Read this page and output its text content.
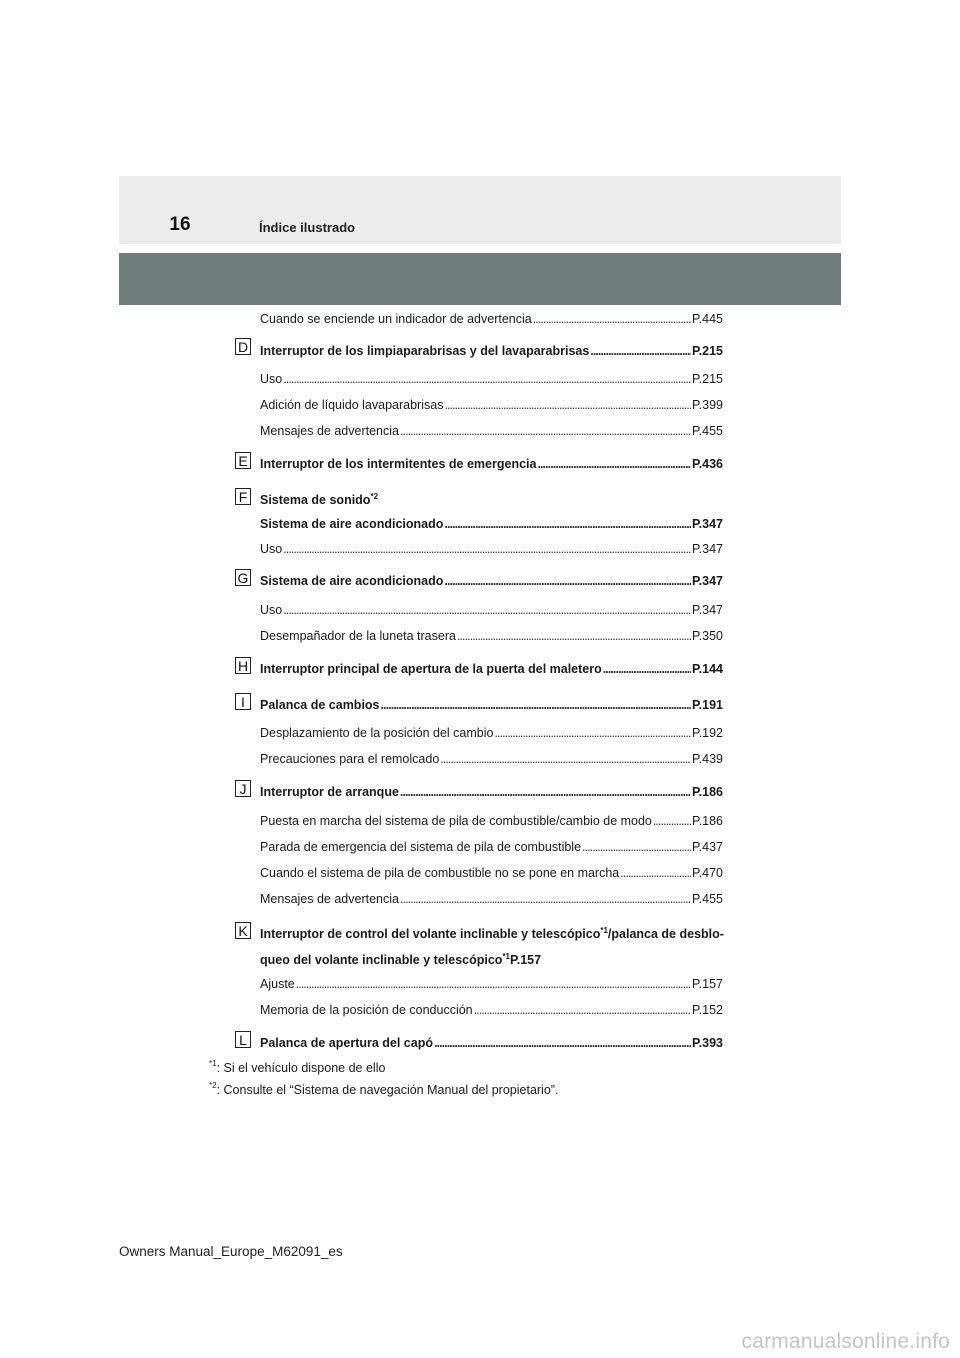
16	Índice ilustrado
Cuando se enciende un indicador de advertencia . . .	P.445
D Interruptor de los limpiaparabrisas y del lavaparabrisas . . .	P.215
Uso . . .	P.215
Adición de líquido lavaparabrisas . . .	P.399
Mensajes de advertencia . . .	P.455
E Interruptor de los intermitentes de emergencia . . .	P.436
F Sistema de sonido$^{*2}$
Sistema de aire acondicionado . . .	P.347
Uso . . .	P.347
G Sistema de aire acondicionado . . .	P.347
Uso . . .	P.347
Desempañador de la luneta trasera . . .	P.350
H Interruptor principal de apertura de la puerta del maletero . . .	P.144
I	Palanca de cambios . . .	P.191
Desplazamiento de la posición del cambio . . .	P.192
Precauciones para el remolcado . . .	P.439
J	Interruptor de arranque . . .	P.186
Puesta en marcha del sistema de pila de combustible/cambio de modo . . .	P.186
Parada de emergencia del sistema de pila de combustible . . .	P.437
Cuando el sistema de pila de combustible no se pone en marcha . . .	P.470
Mensajes de advertencia . . .	P.455
K Interruptor de control del volante inclinable y telescópico$^{*1}$/palanca de desblo-
queo del volante inclinable y telescópico$^{*1}$P.157
Ajuste . . .	P.157
Memoria de la posición de conducción . . .	P.152
L	Palanca de apertura del capó . . .	P.393
$^{*1}$: Si el vehículo dispone de ello
$^{*2}$: Consulte el “Sistema de navegación Manual del propietario”.
Owners Manual_Europe_M62091_es
carmanualsonline.info
